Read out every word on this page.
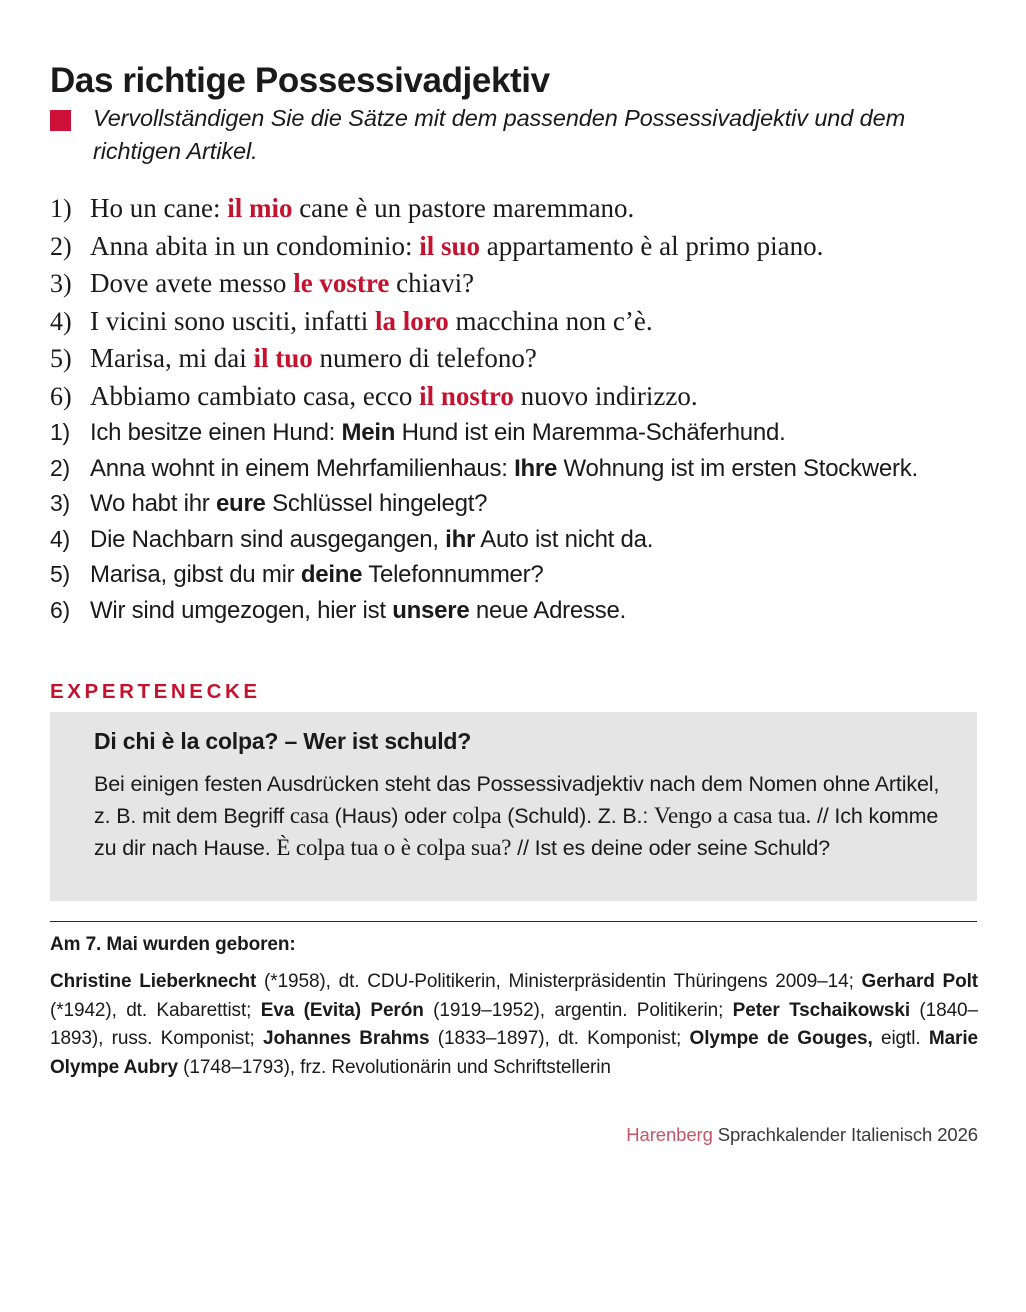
Das richtige Possessivadjektiv
Vervollständigen Sie die Sätze mit dem passenden Possessivadjektiv und dem richtigen Artikel.
1) Ho un cane: il mio cane è un pastore maremmano.
2) Anna abita in un condominio: il suo appartamento è al primo piano.
3) Dove avete messo le vostre chiavi?
4) I vicini sono usciti, infatti la loro macchina non c’è.
5) Marisa, mi dai il tuo numero di telefono?
6) Abbiamo cambiato casa, ecco il nostro nuovo indirizzo.
1) Ich besitze einen Hund: Mein Hund ist ein Maremma-Schäferhund.
2) Anna wohnt in einem Mehrfamilienhaus: Ihre Wohnung ist im ersten Stockwerk.
3) Wo habt ihr eure Schlüssel hingelegt?
4) Die Nachbarn sind ausgegangen, ihr Auto ist nicht da.
5) Marisa, gibst du mir deine Telefonnummer?
6) Wir sind umgezogen, hier ist unsere neue Adresse.
EXPERTENECKE
Di chi è la colpa? – Wer ist schuld?

Bei einigen festen Ausdrücken steht das Possessivadjektiv nach dem Nomen ohne Artikel, z. B. mit dem Begriff casa (Haus) oder colpa (Schuld). Z. B.: Vengo a casa tua. // Ich komme zu dir nach Hause. È colpa tua o è colpa sua? // Ist es deine oder seine Schuld?

Am 7. Mai wurden geboren:
Christine Lieberknecht (*1958), dt. CDU-Politikerin, Ministerpräsidentin Thüringens 2009–14; Gerhard Polt (*1942), dt. Kabarettist; Eva (Evita) Perón (1919–1952), argentin. Politikerin; Peter Tschaikowski (1840–1893), russ. Komponist; Johannes Brahms (1833–1897), dt. Komponist; Olympe de Gouges, eigtl. Marie Olympe Aubry (1748–1793), frz. Revolutionärin und Schriftstellerin
Harenberg Sprachkalender Italienisch 2026
